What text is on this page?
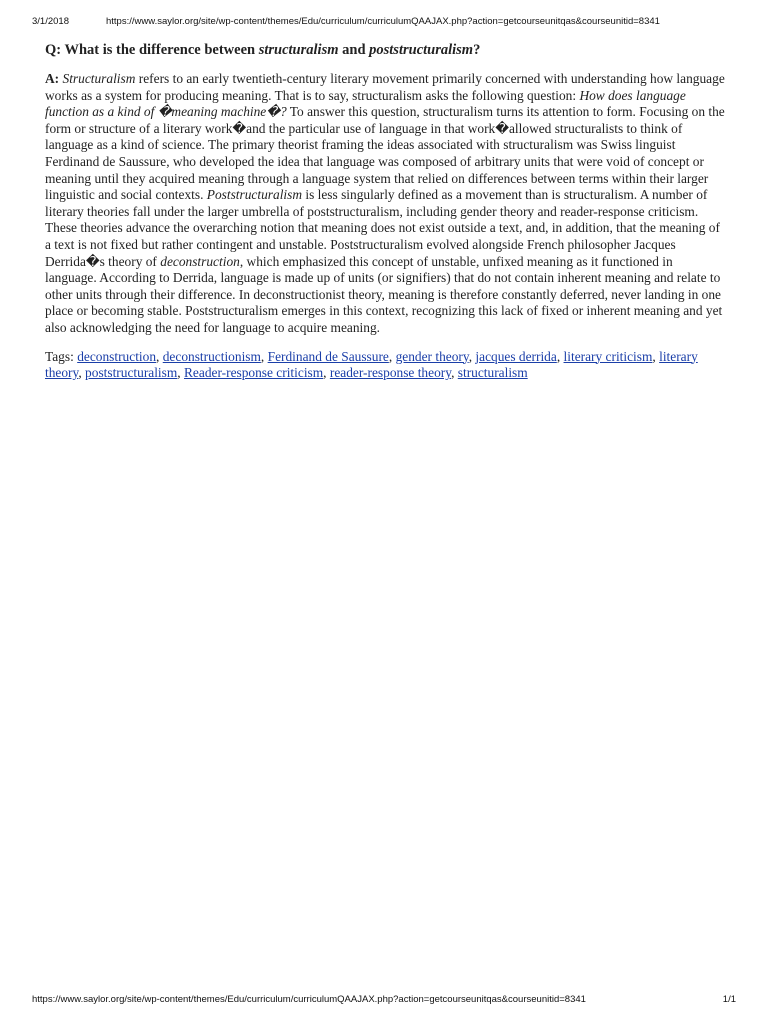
3/1/2018	https://www.saylor.org/site/wp-content/themes/Edu/curriculum/curriculumQAAJAX.php?action=getcourseunitqas&courseunitid=8341

Q: What is the difference between structuralism and poststructuralism?

A: Structuralism refers to an early twentieth-century literary movement primarily concerned with understanding how language works as a system for producing meaning. That is to say, structuralism asks the following question: How does language function as a kind of �meaning machine�? To answer this question, structuralism turns its attention to form. Focusing on the form or structure of a literary work�and the particular use of language in that work�allowed structuralists to think of language as a kind of science. The primary theorist framing the ideas associated with structuralism was Swiss linguist Ferdinand de Saussure, who developed the idea that language was composed of arbitrary units that were void of concept or meaning until they acquired meaning through a language system that relied on differences between terms within their larger linguistic and social contexts. Poststructuralism is less singularly defined as a movement than is structuralism. A number of literary theories fall under the larger umbrella of poststructuralism, including gender theory and reader-response criticism. These theories advance the overarching notion that meaning does not exist outside a text, and, in addition, that the meaning of a text is not fixed but rather contingent and unstable. Poststructuralism evolved alongside French philosopher Jacques Derrida�s theory of deconstruction, which emphasized this concept of unstable, unfixed meaning as it functioned in language. According to Derrida, language is made up of units (or signifiers) that do not contain inherent meaning and relate to other units through their difference. In deconstructionist theory, meaning is therefore constantly deferred, never landing in one place or becoming stable. Poststructuralism emerges in this context, recognizing this lack of fixed or inherent meaning and yet also acknowledging the need for language to acquire meaning.

Tags: deconstruction, deconstructionism, Ferdinand de Saussure, gender theory, jacques derrida, literary criticism, literary theory, poststructuralism, Reader-response criticism, reader-response theory, structuralism

https://www.saylor.org/site/wp-content/themes/Edu/curriculum/curriculumQAAJAX.php?action=getcourseunitqas&courseunitid=8341	1/1
